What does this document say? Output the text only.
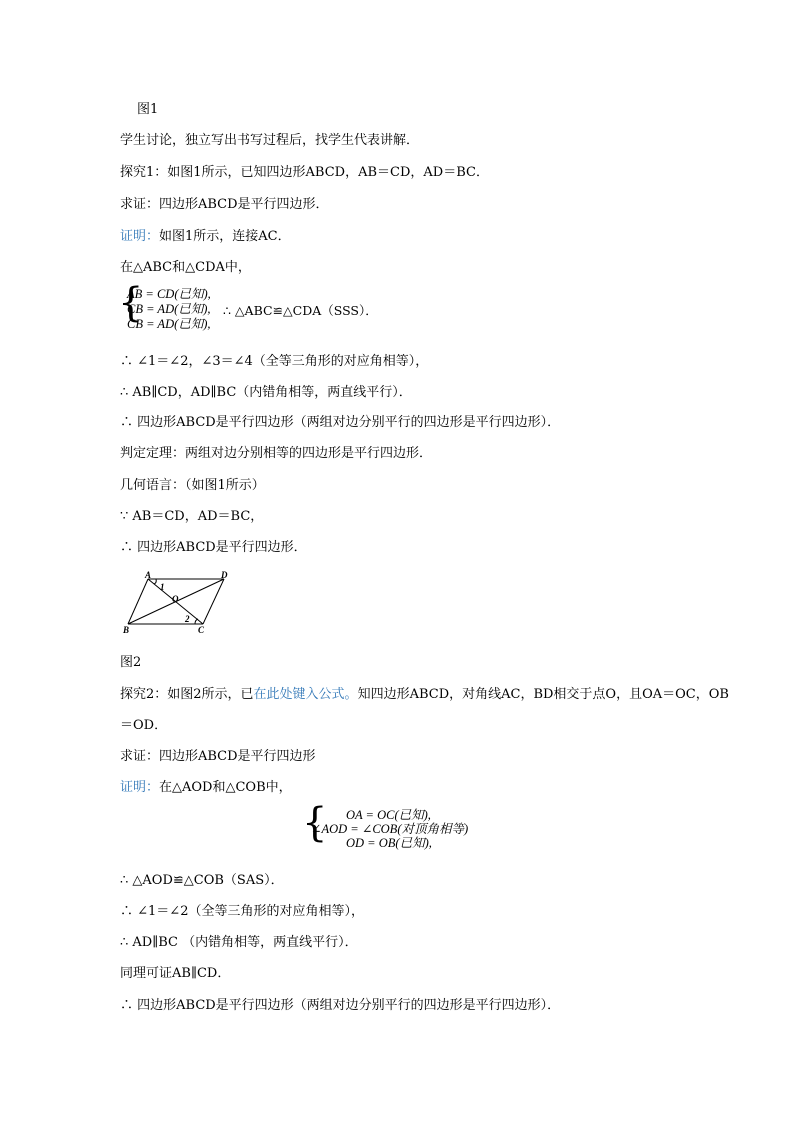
图1
学生讨论，独立写出书写过程后，找学生代表讲解．
探究1：如图1所示，已知四边形ABCD，AB＝CD，AD＝BC．
求证：四边形ABCD是平行四边形．
证明：如图1所示，连接AC．
在△ABC和△CDA中，
{
AB = CD(已知),
CB = AD(已知),
CB = AD(已知),
∴ △ABC≌△CDA（SSS）．
∴ ∠1＝∠2，∠3＝∠4（全等三角形的对应角相等），
∴ AB∥CD，AD∥BC（内错角相等，两直线平行）．
∴ 四边形ABCD是平行四边形（两组对边分别平行的四边形是平行四边形）．
判定定理：两组对边分别相等的四边形是平行四边形．
几何语言：（如图1所示）
∵ AB＝CD，AD＝BC，
∴ 四边形ABCD是平行四边形．
A	D
B	C
O
1
2
图2
探究2：如图2所示，已在此处键入公式。知四边形ABCD，对角线AC，BD相交于点O，且OA＝OC，OB
＝OD．
求证：四边形ABCD是平行四边形
证明：在△AOD和△COB中，
{ OA = OC(已知),
∠AOD = ∠COB(对顶角相等)
OD = OB(已知),
∴ △AOD≌△COB（SAS）．
∴ ∠1＝∠2（全等三角形的对应角相等），
∴ AD∥BC （内错角相等，两直线平行）．
同理可证AB∥CD．
∴ 四边形ABCD是平行四边形（两组对边分别平行的四边形是平行四边形）．
